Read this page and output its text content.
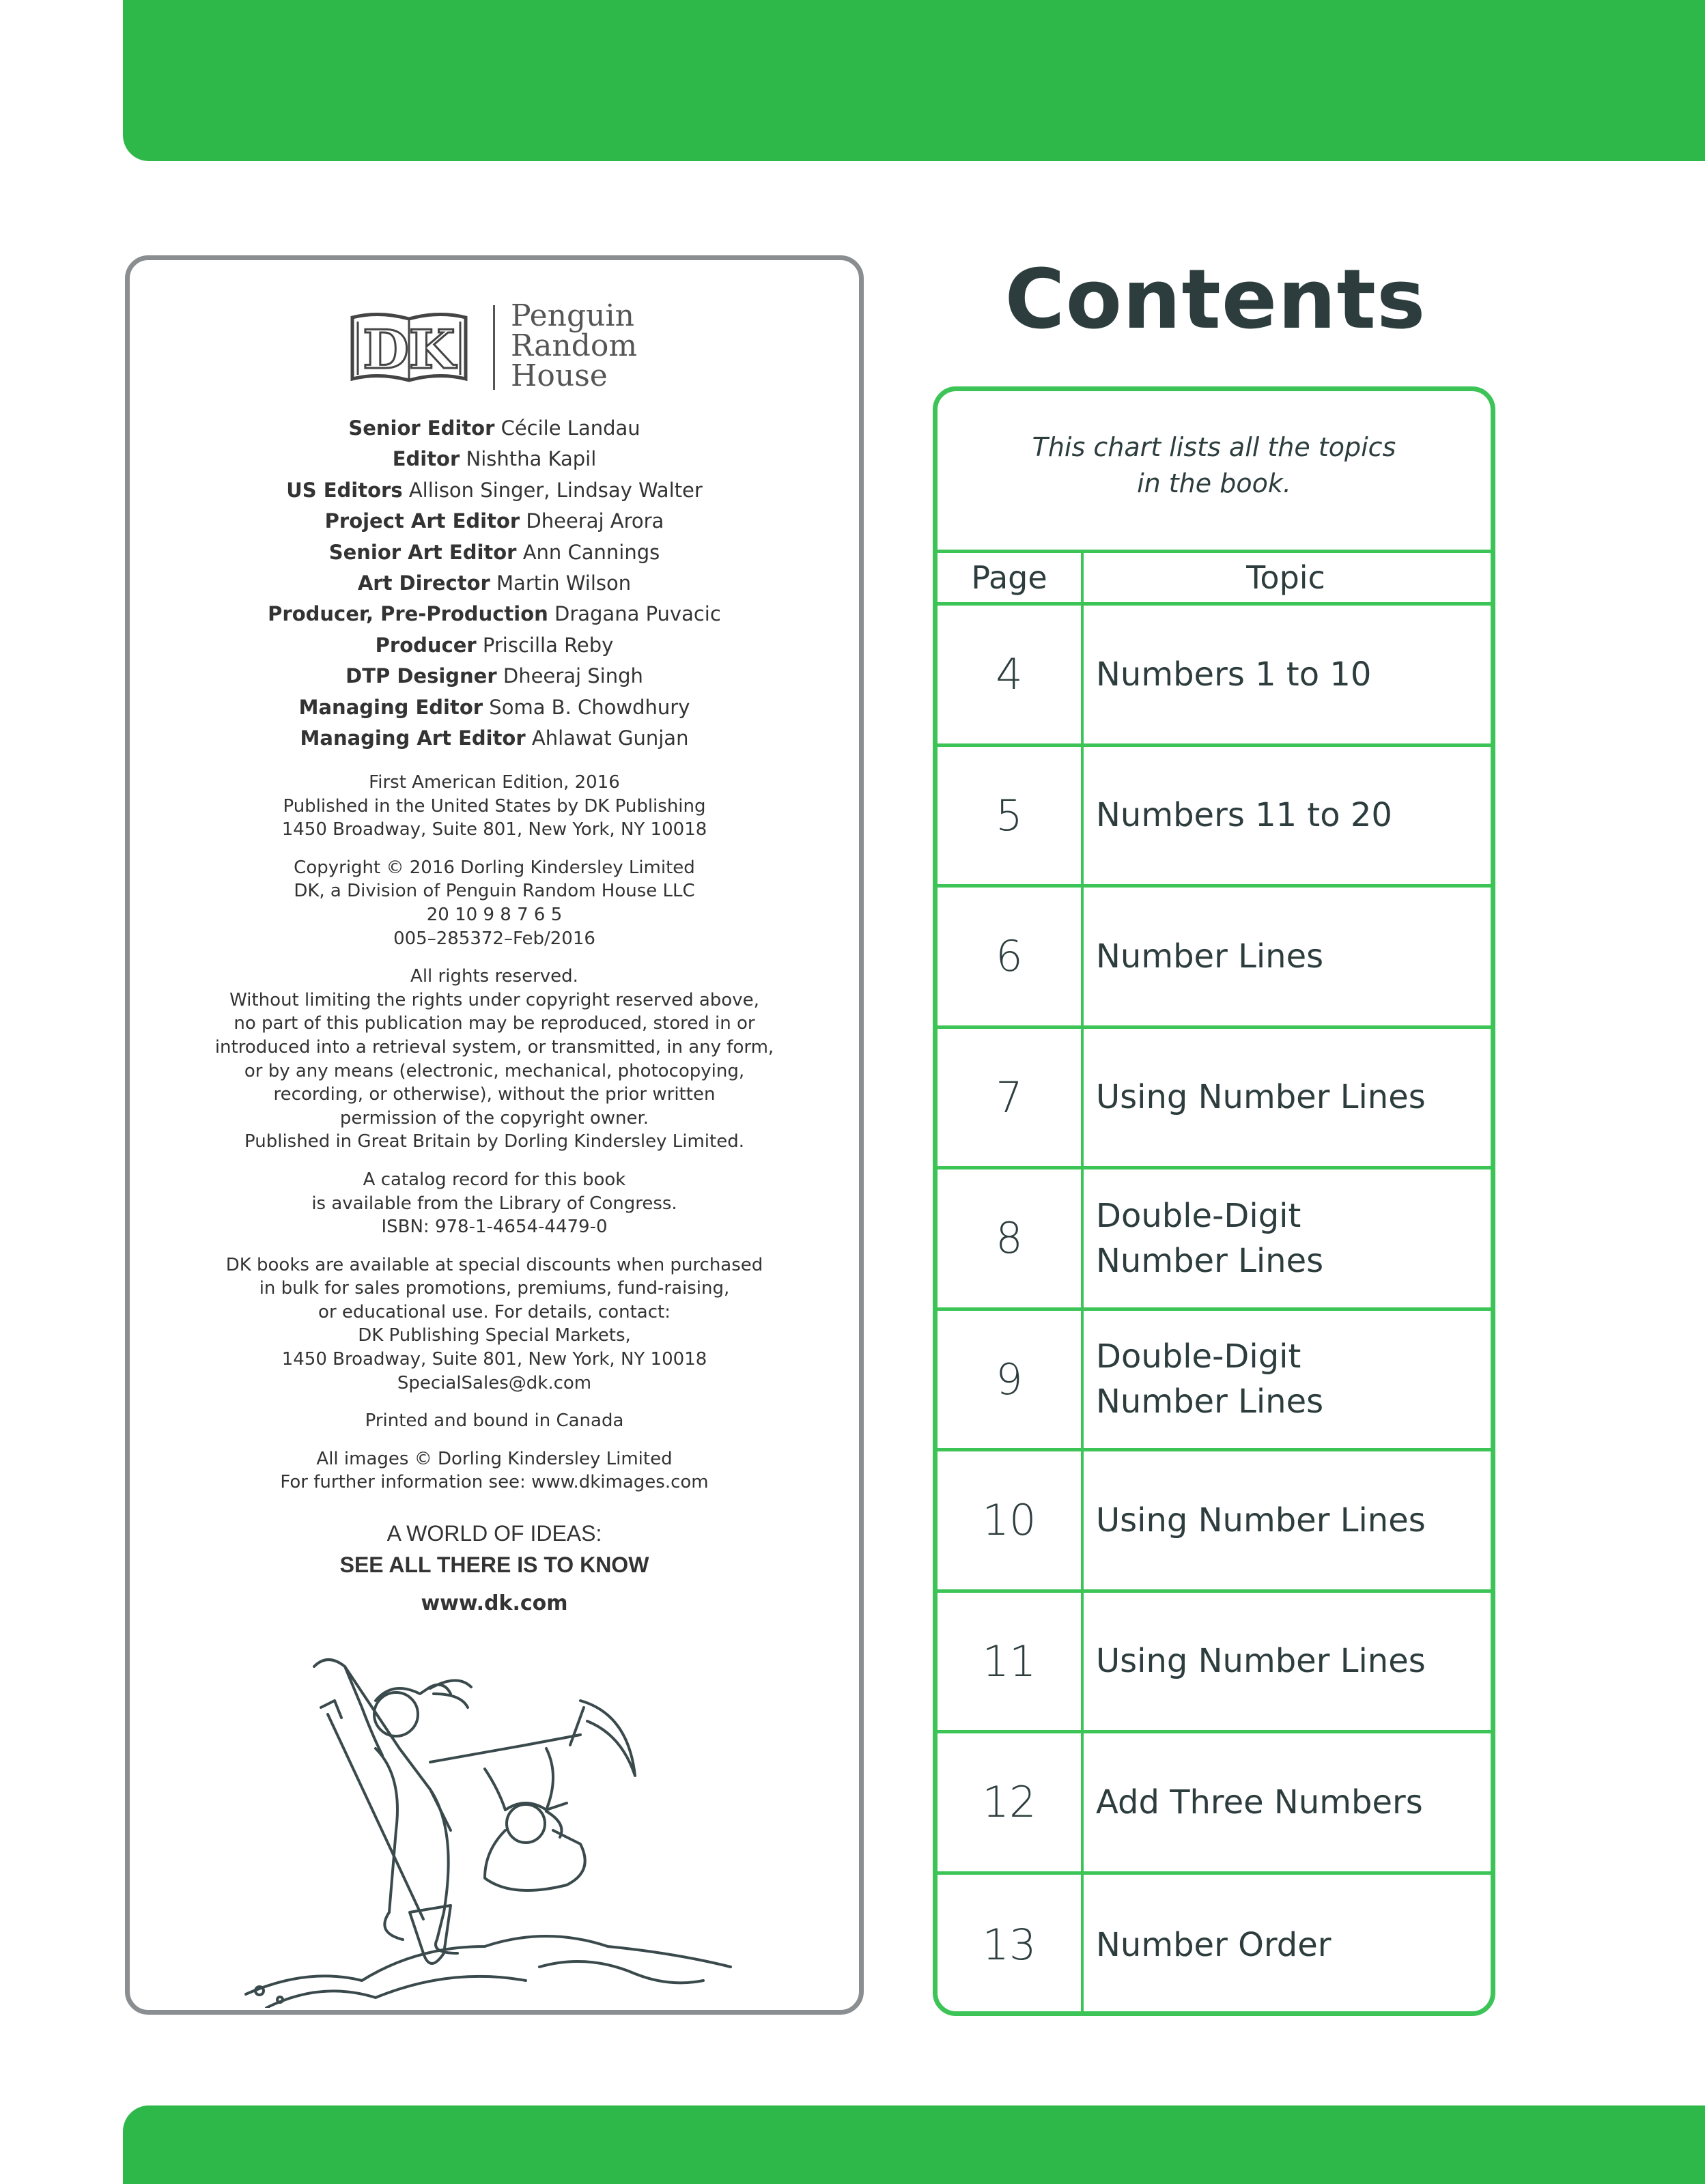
DK
Penguin
Random
House
Senior Editor Cécile Landau
Editor Nishtha Kapil
US Editors Allison Singer, Lindsay Walter
Project Art Editor Dheeraj Arora
Senior Art Editor Ann Cannings
Art Director Martin Wilson
Producer, Pre-Production Dragana Puvacic
Producer Priscilla Reby
DTP Designer Dheeraj Singh
Managing Editor Soma B. Chowdhury
Managing Art Editor Ahlawat Gunjan
First American Edition, 2016
Published in the United States by DK Publishing
1450 Broadway, Suite 801, New York, NY 10018
Copyright © 2016 Dorling Kindersley Limited
DK, a Division of Penguin Random House LLC
20 10 9 8 7 6 5
005–285372–Feb/2016
All rights reserved.
Without limiting the rights under copyright reserved above,
no part of this publication may be reproduced, stored in or
introduced into a retrieval system, or transmitted, in any form,
or by any means (electronic, mechanical, photocopying,
recording, or otherwise), without the prior written
permission of the copyright owner.
Published in Great Britain by Dorling Kindersley Limited.
A catalog record for this book
is available from the Library of Congress.
ISBN: 978-1-4654-4479-0
DK books are available at special discounts when purchased
in bulk for sales promotions, premiums, fund-raising,
or educational use. For details, contact:
DK Publishing Special Markets,
1450 Broadway, Suite 801, New York, NY 10018
SpecialSales@dk.com
Printed and bound in Canada
All images © Dorling Kindersley Limited
For further information see: www.dkimages.com
A WORLD OF IDEAS:
SEE ALL THERE IS TO KNOW
www.dk.com
Contents
This chart lists all the topics
in the book.
Page	Topic
4	Numbers 1 to 10
5	Numbers 11 to 20
6	Number Lines
7	Using Number Lines
8	Double-Digit
Number Lines
9	Double-Digit
Number Lines
10	Using Number Lines
11	Using Number Lines
12	Add Three Numbers
13	Number Order
